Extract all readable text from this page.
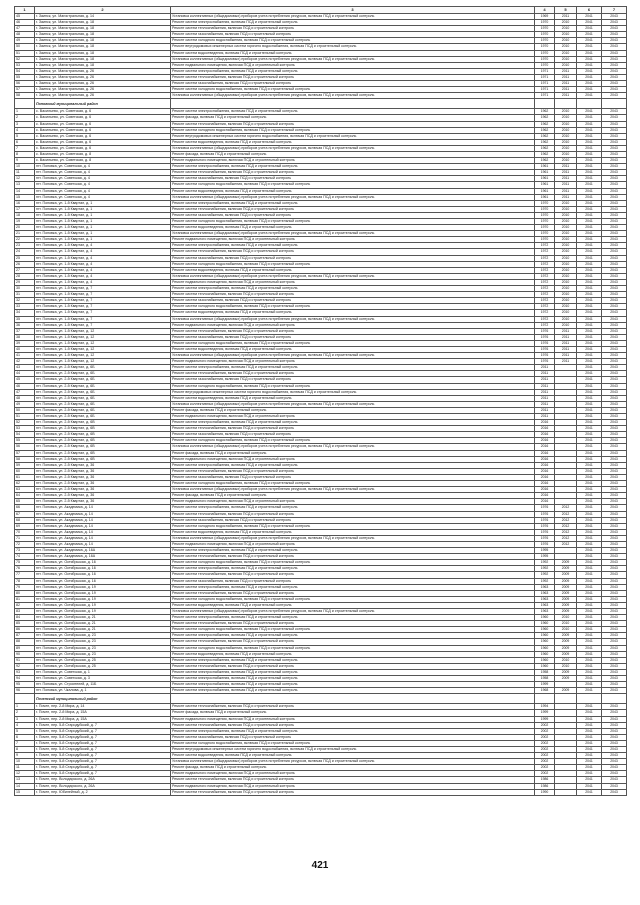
1	2	3	4	5	6	7
45	г. Заинск, ул. Магистральная, д. 14	Установка коллективных (общедомовых) приборов учета потребления ресурсов, включая ПСД и строительный контроль	1969	2011	2041	2043
46	г. Заинск, ул. Магистральная, д. 18	Ремонт систем электроснабжения, включая ПСД и строительный контроль	1970	2010	2041	2043
47	г. Заинск, ул. Магистральная, д. 18	Ремонт систем теплоснабжения, включая ПСД и строительный контроль	1970	2010	2041	2043
48	г. Заинск, ул. Магистральная, д. 18	Ремонт систем газоснабжения, включая ПСД и строительный контроль	1970	2010	2041	2043
49	г. Заинск, ул. Магистральная, д. 18	Ремонт систем холодного водоснабжения, включая ПСД и строительный контроль	1970	2010	2041	2043
50	г. Заинск, ул. Магистральная, д. 18	Ремонт внутридомовых инженерных систем горячего водоснабжения, включая ПСД и строительный контроль	1970	2010	2041	2043
51	г. Заинск, ул. Магистральная, д. 18	Ремонт систем водоотведения, включая ПСД и строительный контроль	1970	2010	2041	2043
52	г. Заинск, ул. Магистральная, д. 18	Установка коллективных (общедомовых) приборов учета потребления ресурсов, включая ПСД и строительный контроль	1970	2010	2041	2043
53	г. Заинск, ул. Магистральная, д. 18	Ремонт подвального помещения, включая ПСД и строительный контроль	1970	2010	2041	2043
54	г. Заинск, ул. Магистральная, д. 26	Ремонт систем электроснабжения, включая ПСД и строительный контроль	1971	2011	2041	2043
55	г. Заинск, ул. Магистральная, д. 26	Ремонт систем теплоснабжения, включая ПСД и строительный контроль	1971	2011	2041	2043
56	г. Заинск, ул. Магистральная, д. 26	Ремонт систем газоснабжения, включая ПСД и строительный контроль	1971	2011	2041	2043
57	г. Заинск, ул. Магистральная, д. 26	Ремонт систем холодного водоснабжения, включая ПСД и строительный контроль	1971	2011	2041	2043
58	г. Заинск, ул. Магистральная, д. 26	Установка коллективных (общедомовых) приборов учета потребления ресурсов, включая ПСД и строительный контроль	1971	2011	2041	2043
	Поповский муниципальный район					
1	с. Васильево, ул. Советская, д. 6	Ремонт систем электроснабжения, включая ПСД и строительный контроль	1962	2010	2041	2043
2	с. Васильево, ул. Советская, д. 6	Ремонт фасада, включая ПСД и строительный контроль	1962	2010	2041	2043
3	с. Васильево, ул. Советская, д. 6	Ремонт систем теплоснабжения, включая ПСД и строительный контроль	1962	2010	2041	2043
4	с. Васильево, ул. Советская, д. 6	Ремонт систем холодного водоснабжения, включая ПСД и строительный контроль	1962	2010	2041	2043
5	с. Васильево, ул. Советская, д. 6	Ремонт внутридомовых инженерных систем горячего водоснабжения, включая ПСД и строительный контроль	1962	2010	2041	2043
6	с. Васильево, ул. Советская, д. 6	Ремонт систем водоотведения, включая ПСД и строительный контроль	1962	2010	2041	2043
7	с. Васильево, ул. Советская, д. 6	Установка коллективных (общедомовых) приборов учета потребления ресурсов, включая ПСД и строительный контроль	1962	2010	2041	2043
8	с. Васильево, ул. Советская, д. 8	Ремонт фасада, включая ПСД и строительный контроль	1962	2010	2041	2043
9	с. Васильево, ул. Советская, д. 8	Ремонт подвального помещения, включая ПСД и строительный контроль	1962	2010	2041	2043
10	пгт. Поповка, ул. Советская, д. 4	Ремонт систем электроснабжения, включая ПСД и строительный контроль	1961	2011	2041	2043
11	пгт. Поповка, ул. Советская, д. 4	Ремонт систем теплоснабжения, включая ПСД и строительный контроль	1961	2011	2041	2043
12	пгт. Поповка, ул. Советская, д. 4	Ремонт систем газоснабжения, включая ПСД и строительный контроль	1961	2011	2041	2043
13	пгт. Поповка, ул. Советская, д. 4	Ремонт систем холодного водоснабжения, включая ПСД и строительный контроль	1961	2011	2041	2043
14	пгт. Поповка, ул. Советская, д. 4	Ремонт систем водоотведения, включая ПСД и строительный контроль	1961	2011	2041	2043
15	пгт. Поповка, ул. Советская, д. 4	Установка коллективных (общедомовых) приборов учета потребления ресурсов, включая ПСД и строительный контроль	1961	2011	2041	2043
16	пгт. Поповка, ул. 1-й Квартал, д. 1	Ремонт систем электроснабжения, включая ПСД и строительный контроль	1970	2010	2041	2043
17	пгт. Поповка, ул. 1-й Квартал, д. 1	Ремонт систем теплоснабжения, включая ПСД и строительный контроль	1970	2010	2041	2043
18	пгт. Поповка, ул. 1-й Квартал, д. 1	Ремонт систем газоснабжения, включая ПСД и строительный контроль	1970	2010	2041	2043
19	пгт. Поповка, ул. 1-й Квартал, д. 1	Ремонт систем холодного водоснабжения, включая ПСД и строительный контроль	1970	2010	2041	2043
20	пгт. Поповка, ул. 1-й Квартал, д. 1	Ремонт систем водоотведения, включая ПСД и строительный контроль	1970	2010	2041	2043
21	пгт. Поповка, ул. 1-й Квартал, д. 1	Установка коллективных (общедомовых) приборов учета потребления ресурсов, включая ПСД и строительный контроль	1970	2010	2041	2043
22	пгт. Поповка, ул. 1-й Квартал, д. 1	Ремонт подвального помещения, включая ПСД и строительный контроль	1970	2010	2041	2043
23	пгт. Поповка, ул. 1-й Квартал, д. 4	Ремонт систем электроснабжения, включая ПСД и строительный контроль	1972	2010	2041	2043
24	пгт. Поповка, ул. 1-й Квартал, д. 4	Ремонт систем теплоснабжения, включая ПСД и строительный контроль	1972	2010	2041	2043
25	пгт. Поповка, ул. 1-й Квартал, д. 4	Ремонт систем газоснабжения, включая ПСД и строительный контроль	1972	2010	2041	2043
26	пгт. Поповка, ул. 1-й Квартал, д. 4	Ремонт систем холодного водоснабжения, включая ПСД и строительный контроль	1972	2010	2041	2043
27	пгт. Поповка, ул. 1-й Квартал, д. 4	Ремонт систем водоотведения, включая ПСД и строительный контроль	1972	2010	2041	2043
28	пгт. Поповка, ул. 1-й Квартал, д. 4	Установка коллективных (общедомовых) приборов учета потребления ресурсов, включая ПСД и строительный контроль	1972	2010	2041	2043
29	пгт. Поповка, ул. 1-й Квартал, д. 4	Ремонт подвального помещения, включая ПСД и строительный контроль	1972	2010	2041	2043
30	пгт. Поповка, ул. 1-й Квартал, д. 7	Ремонт систем электроснабжения, включая ПСД и строительный контроль	1972	2010	2041	2043
31	пгт. Поповка, ул. 1-й Квартал, д. 7	Ремонт систем теплоснабжения, включая ПСД и строительный контроль	1972	2010	2041	2043
32	пгт. Поповка, ул. 1-й Квартал, д. 7	Ремонт систем газоснабжения, включая ПСД и строительный контроль	1972	2010	2041	2043
33	пгт. Поповка, ул. 1-й Квартал, д. 7	Ремонт систем холодного водоснабжения, включая ПСД и строительный контроль	1972	2010	2041	2043
34	пгт. Поповка, ул. 1-й Квартал, д. 7	Ремонт систем водоотведения, включая ПСД и строительный контроль	1972	2010	2041	2043
35	пгт. Поповка, ул. 1-й Квартал, д. 7	Установка коллективных (общедомовых) приборов учета потребления ресурсов, включая ПСД и строительный контроль	1972	2010	2041	2043
36	пгт. Поповка, ул. 1-й Квартал, д. 7	Ремонт подвального помещения, включая ПСД и строительный контроль	1972	2010	2041	2043
37	пгт. Поповка, ул. 1-й Квартал, д. 12	Ремонт систем теплоснабжения, включая ПСД и строительный контроль	1976	2011	2041	2043
38	пгт. Поповка, ул. 1-й Квартал, д. 12	Ремонт систем газоснабжения, включая ПСД и строительный контроль	1976	2011	2041	2043
39	пгт. Поповка, ул. 1-й Квартал, д. 12	Ремонт систем холодного водоснабжения, включая ПСД и строительный контроль	1976	2011	2041	2043
40	пгт. Поповка, ул. 1-й Квартал, д. 12	Ремонт систем водоотведения, включая ПСД и строительный контроль	1976	2011	2041	2043
41	пгт. Поповка, ул. 1-й Квартал, д. 12	Установка коллективных (общедомовых) приборов учета потребления ресурсов, включая ПСД и строительный контроль	1976	2011	2041	2043
42	пгт. Поповка, ул. 1-й Квартал, д. 12	Ремонт подвального помещения, включая ПСД и строительный контроль	1976	2011	2041	2043
43	пгт. Поповка, ул. 2-й Квартал, д. 6Б	Ремонт систем электроснабжения, включая ПСД и строительный контроль	2011		2041	2043
44	пгт. Поповка, ул. 2-й Квартал, д. 6Б	Ремонт систем теплоснабжения, включая ПСД и строительный контроль	2011		2041	2043
45	пгт. Поповка, ул. 2-й Квартал, д. 6Б	Ремонт систем газоснабжения, включая ПСД и строительный контроль	2011		2041	2043
46	пгт. Поповка, ул. 2-й Квартал, д. 6Б	Ремонт систем холодного водоснабжения, включая ПСД и строительный контроль	2011		2041	2043
47	пгт. Поповка, ул. 2-й Квартал, д. 6Б	Ремонт внутридомовых инженерных систем горячего водоснабжения, включая ПСД и строительный контроль	2011		2041	2043
48	пгт. Поповка, ул. 2-й Квартал, д. 6Б	Ремонт систем водоотведения, включая ПСД и строительный контроль	2011		2041	2043
49	пгт. Поповка, ул. 2-й Квартал, д. 6Б	Установка коллективных (общедомовых) приборов учета потребления ресурсов, включая ПСД и строительный контроль	2011		2041	2043
50	пгт. Поповка, ул. 2-й Квартал, д. 6Б	Ремонт фасада, включая ПСД и строительный контроль	2011		2041	2043
51	пгт. Поповка, ул. 2-й Квартал, д. 6Б	Ремонт подвального помещения, включая ПСД и строительный контроль	2011		2041	2043
52	пгт. Поповка, ул. 2-й Квартал, д. 6В	Ремонт систем электроснабжения, включая ПСД и строительный контроль	2016		2041	2043
53	пгт. Поповка, ул. 2-й Квартал, д. 6В	Ремонт систем теплоснабжения, включая ПСД и строительный контроль	2016		2041	2043
54	пгт. Поповка, ул. 2-й Квартал, д. 6В	Ремонт систем газоснабжения, включая ПСД и строительный контроль	2016		2041	2043
55	пгт. Поповка, ул. 2-й Квартал, д. 6В	Ремонт систем холодного водоснабжения, включая ПСД и строительный контроль	2016		2041	2043
56	пгт. Поповка, ул. 2-й Квартал, д. 6В	Установка коллективных (общедомовых) приборов учета потребления ресурсов, включая ПСД и строительный контроль	2016		2041	2043
57	пгт. Поповка, ул. 2-й Квартал, д. 6В	Ремонт фасада, включая ПСД и строительный контроль	2016		2041	2043
58	пгт. Поповка, ул. 2-й Квартал, д. 6В	Ремонт подвального помещения, включая ПСД и строительный контроль	2016		2041	2043
59	пгт. Поповка, ул. 2-й Квартал, д. 36	Ремонт систем электроснабжения, включая ПСД и строительный контроль	2016		2041	2043
60	пгт. Поповка, ул. 2-й Квартал, д. 36	Ремонт систем теплоснабжения, включая ПСД и строительный контроль	2016		2041	2043
61	пгт. Поповка, ул. 2-й Квартал, д. 36	Ремонт систем газоснабжения, включая ПСД и строительный контроль	2016		2041	2043
62	пгт. Поповка, ул. 2-й Квартал, д. 36	Ремонт систем холодного водоснабжения, включая ПСД и строительный контроль	2016		2041	2043
63	пгт. Поповка, ул. 2-й Квартал, д. 36	Установка коллективных (общедомовых) приборов учета потребления ресурсов, включая ПСД и строительный контроль	2016		2041	2043
64	пгт. Поповка, ул. 2-й Квартал, д. 36	Ремонт фасада, включая ПСД и строительный контроль	2016		2041	2043
65	пгт. Поповка, ул. 2-й Квартал, д. 36	Ремонт подвального помещения, включая ПСД и строительный контроль	2016		2041	2043
66	пгт. Поповка, ул. Академика, д. 14	Ремонт систем электроснабжения, включая ПСД и строительный контроль	1976	2012	2041	2043
67	пгт. Поповка, ул. Академика, д. 14	Ремонт систем теплоснабжения, включая ПСД и строительный контроль	1976	2012	2041	2043
68	пгт. Поповка, ул. Академика, д. 14	Ремонт систем газоснабжения, включая ПСД и строительный контроль	1976	2012	2041	2043
69	пгт. Поповка, ул. Академика, д. 14	Ремонт систем холодного водоснабжения, включая ПСД и строительный контроль	1976	2012	2041	2043
70	пгт. Поповка, ул. Академика, д. 14	Ремонт систем водоотведения, включая ПСД и строительный контроль	1976	2012	2041	2043
71	пгт. Поповка, ул. Академика, д. 14	Установка коллективных (общедомовых) приборов учета потребления ресурсов, включая ПСД и строительный контроль	1976	2012	2041	2043
72	пгт. Поповка, ул. Академика, д. 14	Ремонт подвального помещения, включая ПСД и строительный контроль	1976	2012	2041	2043
73	пгт. Поповка, ул. Академика, д. 16А	Ремонт систем электроснабжения, включая ПСД и строительный контроль	1995		2041	2043
74	пгт. Поповка, ул. Академика, д. 16А	Ремонт систем теплоснабжения, включая ПСД и строительный контроль	1995		2041	2043
75	пгт. Поповка, ул. Октябрьская, д. 16	Ремонт систем холодного водоснабжения, включая ПСД и строительный контроль	1992	2009	2041	2043
76	пгт. Поповка, ул. Октябрьская, д. 16	Ремонт систем электроснабжения, включая ПСД и строительный контроль	1992	2009	2041	2043
77	пгт. Поповка, ул. Октябрьская, д. 16	Ремонт систем теплоснабжения, включая ПСД и строительный контроль	1992	2009	2041	2043
78	пгт. Поповка, ул. Октябрьская, д. 16	Ремонт систем газоснабжения, включая ПСД и строительный контроль	1992	2009	2041	2043
79	пгт. Поповка, ул. Октябрьская, д. 19	Ремонт систем электроснабжения, включая ПСД и строительный контроль	1963	2009	2041	2043
80	пгт. Поповка, ул. Октябрьская, д. 19	Ремонт систем теплоснабжения, включая ПСД и строительный контроль	1963	2009	2041	2043
81	пгт. Поповка, ул. Октябрьская, д. 19	Ремонт систем холодного водоснабжения, включая ПСД и строительный контроль	1963	2009	2041	2043
82	пгт. Поповка, ул. Октябрьская, д. 19	Ремонт систем водоотведения, включая ПСД и строительный контроль	1963	2009	2041	2043
83	пгт. Поповка, ул. Октябрьская, д. 19	Установка коллективных (общедомовых) приборов учета потребления ресурсов, включая ПСД и строительный контроль	1963	2009	2041	2043
84	пгт. Поповка, ул. Октябрьская, д. 21	Ремонт систем электроснабжения, включая ПСД и строительный контроль	1960	2010	2041	2043
85	пгт. Поповка, ул. Октябрьская, д. 21	Ремонт систем теплоснабжения, включая ПСД и строительный контроль	1960	2010	2041	2043
86	пгт. Поповка, ул. Октябрьская, д. 21	Ремонт систем холодного водоснабжения, включая ПСД и строительный контроль	1960	2010	2041	2043
87	пгт. Поповка, ул. Октябрьская, д. 23	Ремонт систем электроснабжения, включая ПСД и строительный контроль	1960	2009	2041	2043
88	пгт. Поповка, ул. Октябрьская, д. 23	Ремонт систем теплоснабжения, включая ПСД и строительный контроль	1960	2009	2041	2043
89	пгт. Поповка, ул. Октябрьская, д. 23	Ремонт систем холодного водоснабжения, включая ПСД и строительный контроль	1960	2009	2041	2043
90	пгт. Поповка, ул. Октябрьская, д. 23	Ремонт систем водоотведения, включая ПСД и строительный контроль	1960	2009	2041	2043
91	пгт. Поповка, ул. Октябрьская, д. 25	Ремонт систем электроснабжения, включая ПСД и строительный контроль	1960	2010	2041	2043
92	пгт. Поповка, ул. Октябрьская, д. 25	Ремонт систем теплоснабжения, включая ПСД и строительный контроль	1960	2010	2041	2043
93	пгт. Поповка, ул. Советская, д. 1	Ремонт систем электроснабжения, включая ПСД и строительный контроль	1958	2009	2041	2043
94	пгт. Поповка, ул. Советская, д. 3	Ремонт систем электроснабжения, включая ПСД и строительный контроль	1958	2009	2041	2043
95	пгт. Поповка, ул. Строителей, д. 11Б	Ремонт систем электроснабжения, включая ПСД и строительный контроль	1999		2041	2043
96	пгт. Поповка, ул. Чкалова, д. 1	Ремонт систем электроснабжения, включая ПСД и строительный контроль	1968	2009	2041	2043
	Почепский муниципальный район					
1	г. Почеп, пер. 2-й Мира, д. 14	Ремонт систем теплоснабжения, включая ПСД и строительный контроль	1994		2041	2043
2	г. Почеп, пер. 2-й Мира, д. 15А	Ремонт фасада, включая ПСД и строительный контроль	1999		2041	2043
3	г. Почеп, пер. 2-й Мира, д. 15А	Ремонт подвального помещения, включая ПСД и строительный контроль	1999		2041	2043
4	г. Почеп, пер. 5-й Стародубский, д. 7	Ремонт систем теплоснабжения, включая ПСД и строительный контроль	2002		2041	2043
5	г. Почеп, пер. 5-й Стародубский, д. 7	Ремонт систем электроснабжения, включая ПСД и строительный контроль	2002		2041	2043
6	г. Почеп, пер. 5-й Стародубский, д. 7	Ремонт систем газоснабжения, включая ПСД и строительный контроль	2002		2041	2043
7	г. Почеп, пер. 5-й Стародубский, д. 7	Ремонт систем холодного водоснабжения, включая ПСД и строительный контроль	2002		2041	2043
8	г. Почеп, пер. 5-й Стародубский, д. 7	Ремонт внутридомовых инженерных систем горячего водоснабжения, включая ПСД и строительный контроль	2002		2041	2043
9	г. Почеп, пер. 5-й Стародубский, д. 7	Ремонт систем водоотведения, включая ПСД и строительный контроль	2002		2041	2043
10	г. Почеп, пер. 5-й Стародубский, д. 7	Установка коллективных (общедомовых) приборов учета потребления ресурсов, включая ПСД и строительный контроль	2002		2041	2043
11	г. Почеп, пер. 5-й Стародубский, д. 7	Ремонт фасада, включая ПСД и строительный контроль	2002		2041	2043
12	г. Почеп, пер. 5-й Стародубский, д. 7	Ремонт подвального помещения, включая ПСД и строительный контроль	2002		2041	2043
13	г. Почеп, пер. Володарского, д. 26А	Ремонт систем теплоснабжения, включая ПСД и строительный контроль	1986		2041	2043
14	г. Почеп, пер. Володарского, д. 26А	Ремонт подвального помещения, включая ПСД и строительный контроль	1986		2041	2043
15	г. Почеп, пер. Юбилейный, д. 2	Ремонт систем теплоснабжения, включая ПСД и строительный контроль	1990		2041	2043
421
